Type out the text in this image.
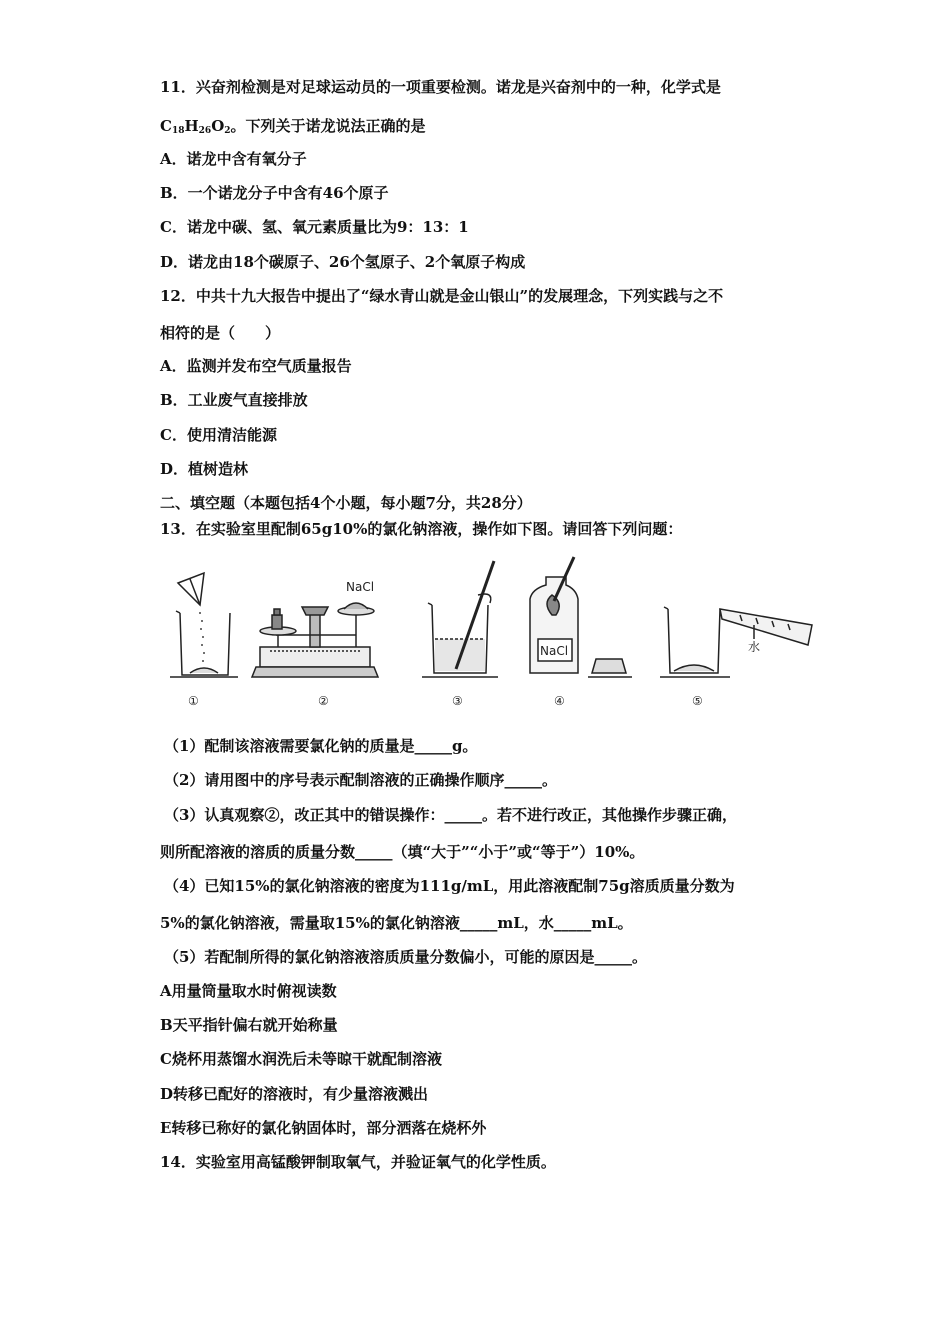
11．兴奋剂检测是对足球运动员的一项重要检测。诺龙是兴奋剂中的一种，化学式是
$C_{18}H_{26}O_2$。下列关于诺龙说法正确的是
A．诺龙中含有氧分子
B．一个诺龙分子中含有46个原子
C．诺龙中碳、氢、氧元素质量比为9：13：1
D．诺龙由18个碳原子、26个氢原子、2个氧原子构成
12．中共十九大报告中提出了“绿水青山就是金山银山”的发展理念，下列实践与之不
相符的是（　　）
A．监测并发布空气质量报告
B．工业废气直接排放
C．使用清洁能源
D．植树造林
二、填空题（本题包括4个小题，每小题7分，共28分）
13．在实验室里配制65g10%的氯化钠溶液，操作如下图。请回答下列问题：
NaCl
NaCl	水
①	②	③	④	⑤
（1）配制该溶液需要氯化钠的质量是_____g。
（2）请用图中的序号表示配制溶液的正确操作顺序_____。
（3）认真观察②，改正其中的错误操作：_____。若不进行改正，其他操作步骤正确，
则所配溶液的溶质的质量分数_____（填“大于”“小于”或“等于”）10%。
（4）已知15%的氯化钠溶液的密度为111g/mL，用此溶液配制75g溶质质量分数为
5%的氯化钠溶液，需量取15%的氯化钠溶液_____mL，水_____mL。
（5）若配制所得的氯化钠溶液溶质质量分数偏小，可能的原因是_____。
A用量筒量取水时俯视读数
B天平指针偏右就开始称量
C烧杯用蒸馏水润洗后未等晾干就配制溶液
D转移已配好的溶液时，有少量溶液溅出
E转移已称好的氯化钠固体时，部分洒落在烧杯外
14．实验室用高锰酸钾制取氧气，并验证氧气的化学性质。
